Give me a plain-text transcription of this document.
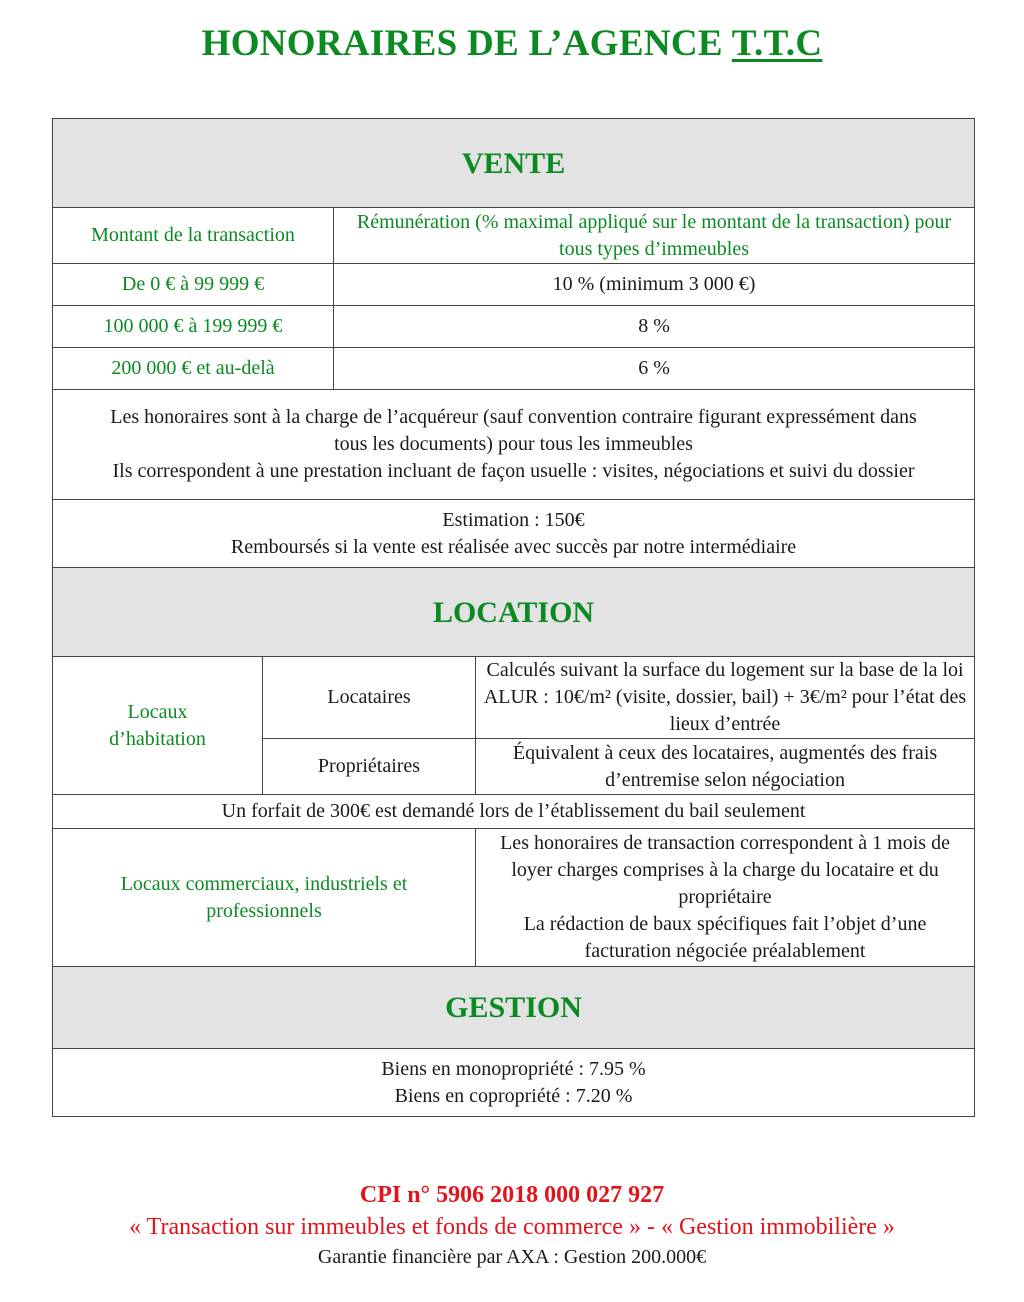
HONORAIRES DE L’AGENCE T.T.C
VENTE			
Montant de la transaction		Rémunération (% maximal appliqué sur le montant de la transaction) pour tous types d’immeubles	
De 0 € à 99 999 €		10 % (minimum 3 000 €)	
100 000 € à 199 999 €		8 %	
200 000 € et au-delà		6 %	

Les honoraires sont à la charge de l’acquéreur (sauf convention contraire figurant expressément dans tous les documents) pour tous les immeubles
Ils correspondent à une prestation incluant de façon usuelle : visites, négociations et suivi du dossier			

Estimation : 150€
Remboursés si la vente est réalisée avec succès par notre intermédiaire			

LOCATION			
Locaux d’habitation	Locataires		Calculés suivant la surface du logement sur la base de la loi ALUR : 10€/m² (visite, dossier, bail) + 3€/m² pour l’état des lieux d’entrée
	Propriétaires		Équivalent à ceux des locataires, augmentés des frais d’entremise selon négociation
Un forfait de 300€ est demandé lors de l’établissement du bail seulement			
Locaux commerciaux, industriels et professionnels			Les honoraires de transaction correspondent à 1 mois de loyer charges comprises à la charge du locataire et du propriétaire
La rédaction de baux spécifiques fait l’objet d’une facturation négociée préalablement

GESTION			

Biens en monopropriété : 7.95 %
Biens en copropriété : 7.20 %			
CPI n° 5906 2018 000 027 927
« Transaction sur immeubles et fonds de commerce » - « Gestion immobilière »
Garantie financière par AXA : Gestion 200.000€
